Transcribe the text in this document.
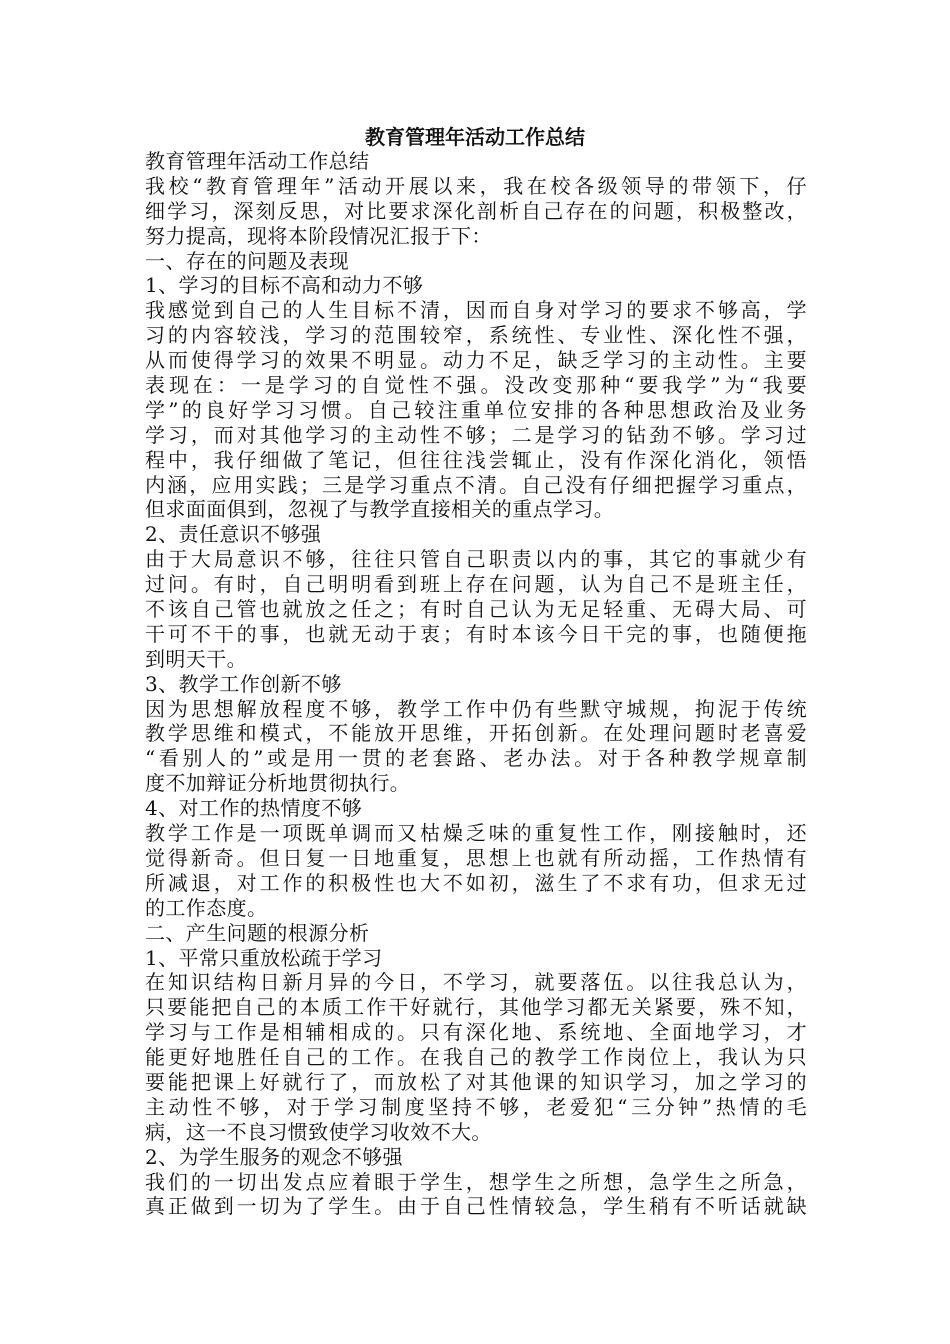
教育管理年活动工作总结
教育管理年活动工作总结
我校“教育管理年”活动开展以来，我在校各级领导的带领下，仔
细学习，深刻反思，对比要求深化剖析自己存在的问题，积极整改，
努力提高，现将本阶段情况汇报于下：
一、存在的问题及表现
1、学习的目标不高和动力不够
我感觉到自己的人生目标不清，因而自身对学习的要求不够高，学
习的内容较浅，学习的范围较窄，系统性、专业性、深化性不强，
从而使得学习的效果不明显。动力不足，缺乏学习的主动性。主要
表现在：一是学习的自觉性不强。没改变那种“要我学”为“我要
学”的良好学习习惯。自己较注重单位安排的各种思想政治及业务
学习，而对其他学习的主动性不够；二是学习的钻劲不够。学习过
程中，我仔细做了笔记，但往往浅尝辄止，没有作深化消化，领悟
内涵，应用实践；三是学习重点不清。自己没有仔细把握学习重点，
但求面面俱到，忽视了与教学直接相关的重点学习。
2、责任意识不够强
由于大局意识不够，往往只管自己职责以内的事，其它的事就少有
过问。有时，自己明明看到班上存在问题，认为自己不是班主任，
不该自己管也就放之任之；有时自己认为无足轻重、无碍大局、可
干可不干的事，也就无动于衷；有时本该今日干完的事，也随便拖
到明天干。
3、教学工作创新不够
因为思想解放程度不够，教学工作中仍有些默守城规，拘泥于传统
教学思维和模式，不能放开思维，开拓创新。在处理问题时老喜爱
“看别人的”或是用一贯的老套路、老办法。对于各种教学规章制
度不加辩证分析地贯彻执行。
4、对工作的热情度不够
教学工作是一项既单调而又枯燥乏味的重复性工作，刚接触时，还
觉得新奇。但日复一日地重复，思想上也就有所动摇，工作热情有
所减退，对工作的积极性也大不如初，滋生了不求有功，但求无过
的工作态度。
二、产生问题的根源分析
1、平常只重放松疏于学习
在知识结构日新月异的今日，不学习，就要落伍。以往我总认为，
只要能把自己的本质工作干好就行，其他学习都无关紧要，殊不知，
学习与工作是相辅相成的。只有深化地、系统地、全面地学习，才
能更好地胜任自己的工作。在我自己的教学工作岗位上，我认为只
要能把课上好就行了，而放松了对其他课的知识学习，加之学习的
主动性不够，对于学习制度坚持不够，老爱犯“三分钟”热情的毛
病，这一不良习惯致使学习收效不大。
2、为学生服务的观念不够强
我们的一切出发点应着眼于学生，想学生之所想，急学生之所急，
真正做到一切为了学生。由于自己性情较急，学生稍有不听话就缺
